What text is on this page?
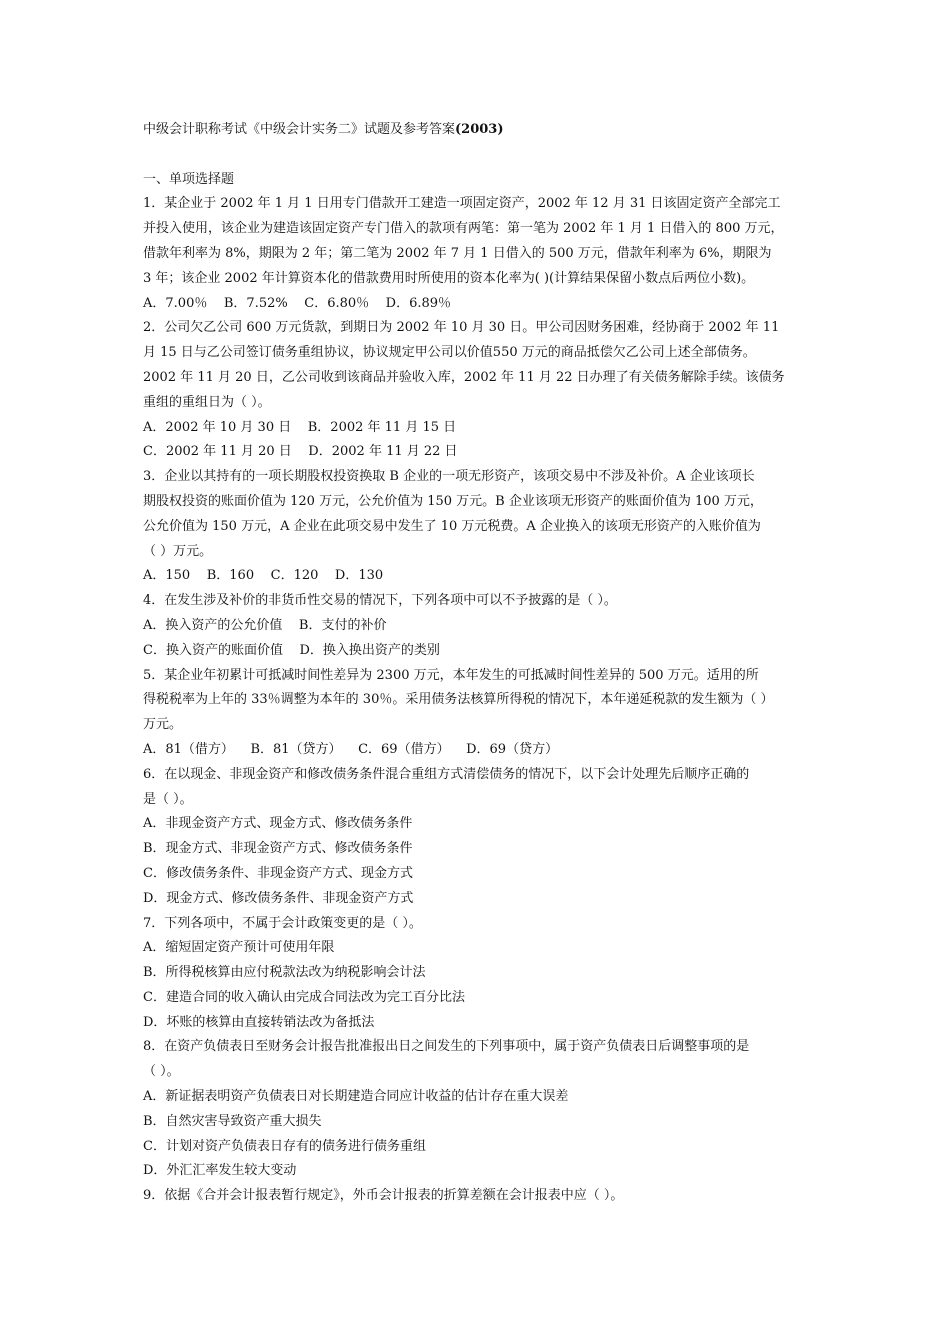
中级会计职称考试《中级会计实务二》试题及参考答案(2003)

一、单项选择题

1．某企业于 2002 年 1 月 1 日用专门借款开工建造一项固定资产，2002 年 12 月 31 日该固定资产全部完工

并投入使用，该企业为建造该固定资产专门借入的款项有两笔：第一笔为 2002 年 1 月 1 日借入的 800 万元，

借款年利率为 8%，期限为 2 年；第二笔为 2002 年 7 月 1 日借入的 500 万元，借款年利率为 6%，期限为

3 年；该企业 2002 年计算资本化的借款费用时所使用的资本化率为( )(计算结果保留小数点后两位小数)。

A．7.00％    B．7.52%    C．6.80％    D．6.89％

2．公司欠乙公司 600 万元货款，到期日为 2002 年 10 月 30 日。甲公司因财务困难，经协商于 2002 年 11

月 15 日与乙公司签订债务重组协议，协议规定甲公司以价值550 万元的商品抵偿欠乙公司上述全部债务。

2002 年 11 月 20 日，乙公司收到该商品并验收入库，2002 年 11 月 22 日办理了有关债务解除手续。该债务

重组的重组日为（ ）。

A．2002 年 10 月 30 日    B．2002 年 11 月 15 日

C．2002 年 11 月 20 日    D．2002 年 11 月 22 日

3．企业以其持有的一项长期股权投资换取 B 企业的一项无形资产，该项交易中不涉及补价。A 企业该项长

期股权投资的账面价值为 120 万元，公允价值为 150 万元。B 企业该项无形资产的账面价值为 100 万元，

公允价值为 150 万元，A 企业在此项交易中发生了 10 万元税费。A 企业换入的该项无形资产的入账价值为

（ ）万元。

A．150    B．160    C．120    D．130

4．在发生涉及补价的非货币性交易的情况下，下列各项中可以不予披露的是（ ）。

A．换入资产的公允价值    B．支付的补价

C．换入资产的账面价值    D．换入换出资产的类别

5．某企业年初累计可抵减时间性差异为 2300 万元，本年发生的可抵减时间性差异的 500 万元。适用的所

得税税率为上年的 33％调整为本年的 30％。采用债务法核算所得税的情况下，本年递延税款的发生额为（ ）

万元。

A．81（借方）    B．81（贷方）    C．69（借方）    D．69（贷方）

6．在以现金、非现金资产和修改债务条件混合重组方式清偿债务的情况下，以下会计处理先后顺序正确的

是（ ）。

A．非现金资产方式、现金方式、修改债务条件

B．现金方式、非现金资产方式、修改债务条件

C．修改债务条件、非现金资产方式、现金方式

D．现金方式、修改债务条件、非现金资产方式

7．下列各项中，不属于会计政策变更的是（ ）。

A．缩短固定资产预计可使用年限

B．所得税核算由应付税款法改为纳税影响会计法

C．建造合同的收入确认由完成合同法改为完工百分比法

D．坏账的核算由直接转销法改为备抵法

8．在资产负债表日至财务会计报告批准报出日之间发生的下列事项中，属于资产负债表日后调整事项的是

（ ）。

A．新证据表明资产负债表日对长期建造合同应计收益的估计存在重大误差

B．自然灾害导致资产重大损失

C．计划对资产负债表日存有的债务进行债务重组

D．外汇汇率发生较大变动

9．依据《合并会计报表暂行规定》，外币会计报表的折算差额在会计报表中应（ ）。
